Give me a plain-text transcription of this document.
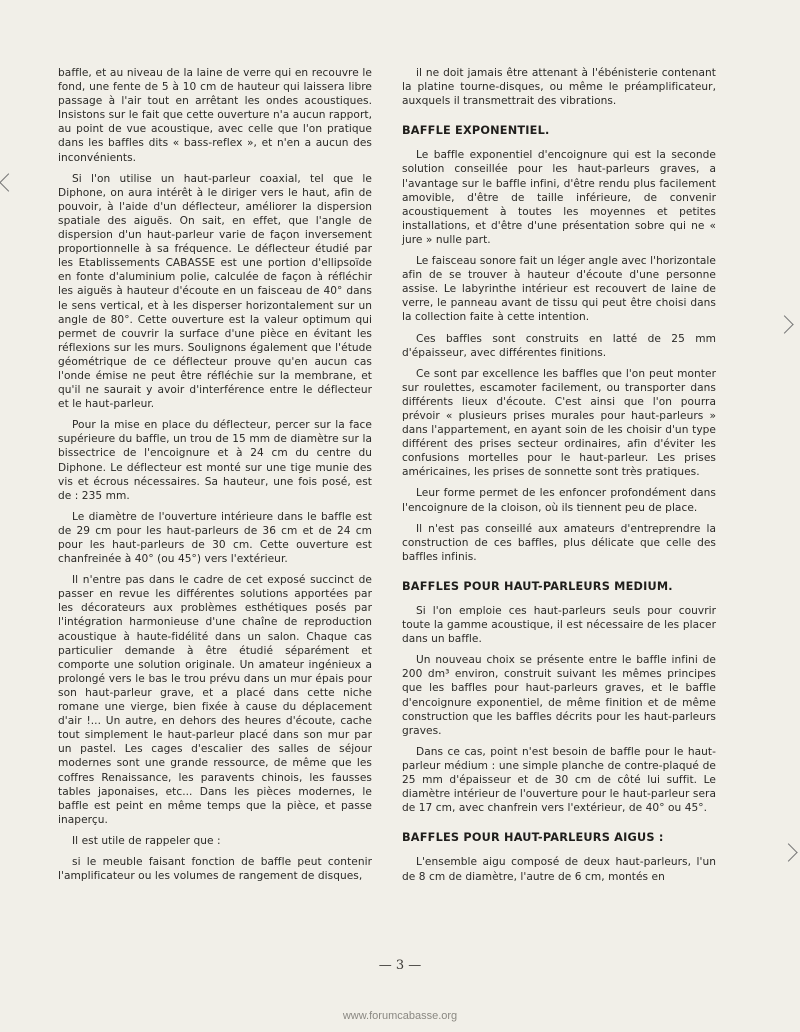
baffle, et au niveau de la laine de verre qui en recouvre le fond, une fente de 5 à 10 cm de hauteur qui laissera libre passage à l'air tout en arrêtant les ondes acoustiques. Insistons sur le fait que cette ouverture n'a aucun rapport, au point de vue acoustique, avec celle que l'on pratique dans les baffles dits « bass-reflex », et n'en a aucun des inconvénients.

Si l'on utilise un haut-parleur coaxial, tel que le Diphone, on aura intérêt à le diriger vers le haut, afin de pouvoir, à l'aide d'un déflecteur, améliorer la dispersion spatiale des aiguës. On sait, en effet, que l'angle de dispersion d'un haut-parleur varie de façon inversement proportionnelle à sa fréquence. Le déflecteur étudié par les Etablissements CABASSE est une portion d'ellipsoïde en fonte d'aluminium polie, calculée de façon à réfléchir les aiguës à hauteur d'écoute en un faisceau de 40° dans le sens vertical, et à les disperser horizontalement sur un angle de 80°. Cette ouverture est la valeur optimum qui permet de couvrir la surface d'une pièce en évitant les réflexions sur les murs. Soulignons également que l'étude géométrique de ce déflecteur prouve qu'en aucun cas l'onde émise ne peut être réfléchie sur la membrane, et qu'il ne saurait y avoir d'interférence entre le déflecteur et le haut-parleur.

Pour la mise en place du déflecteur, percer sur la face supérieure du baffle, un trou de 15 mm de diamètre sur la bissectrice de l'encoignure et à 24 cm du centre du Diphone. Le déflecteur est monté sur une tige munie des vis et écrous nécessaires. Sa hauteur, une fois posé, est de : 235 mm.

Le diamètre de l'ouverture intérieure dans le baffle est de 29 cm pour les haut-parleurs de 36 cm et de 24 cm pour les haut-parleurs de 30 cm. Cette ouverture est chanfreinée à 40° (ou 45°) vers l'extérieur.

Il n'entre pas dans le cadre de cet exposé succinct de passer en revue les différentes solutions apportées par les décorateurs aux problèmes esthétiques posés par l'intégration harmonieuse d'une chaîne de reproduction acoustique à haute-fidélité dans un salon. Chaque cas particulier demande à être étudié séparément et comporte une solution originale. Un amateur ingénieux a prolongé vers le bas le trou prévu dans un mur épais pour son haut-parleur grave, et a placé dans cette niche romane une vierge, bien fixée à cause du déplacement d'air !... Un autre, en dehors des heures d'écoute, cache tout simplement le haut-parleur placé dans son mur par un pastel. Les cages d'escalier des salles de séjour modernes sont une grande ressource, de même que les coffres Renaissance, les paravents chinois, les fausses tables japonaises, etc... Dans les pièces modernes, le baffle est peint en même temps que la pièce, et passe inaperçu.

Il est utile de rappeler que :

si le meuble faisant fonction de baffle peut contenir l'amplificateur ou les volumes de rangement de disques,

il ne doit jamais être attenant à l'ébénisterie contenant la platine tourne-disques, ou même le préamplificateur, auxquels il transmettrait des vibrations.

BAFFLE EXPONENTIEL.

Le baffle exponentiel d'encoignure qui est la seconde solution conseillée pour les haut-parleurs graves, a l'avantage sur le baffle infini, d'être rendu plus facilement amovible, d'être de taille inférieure, de convenir acoustiquement à toutes les moyennes et petites installations, et d'être d'une présentation sobre qui ne « jure » nulle part.

Le faisceau sonore fait un léger angle avec l'horizontale afin de se trouver à hauteur d'écoute d'une personne assise. Le labyrinthe intérieur est recouvert de laine de verre, le panneau avant de tissu qui peut être choisi dans la collection faite à cette intention.

Ces baffles sont construits en latté de 25 mm d'épaisseur, avec différentes finitions.

Ce sont par excellence les baffles que l'on peut monter sur roulettes, escamoter facilement, ou transporter dans différents lieux d'écoute. C'est ainsi que l'on pourra prévoir « plusieurs prises murales pour haut-parleurs » dans l'appartement, en ayant soin de les choisir d'un type différent des prises secteur ordinaires, afin d'éviter les confusions mortelles pour le haut-parleur. Les prises américaines, les prises de sonnette sont très pratiques.

Leur forme permet de les enfoncer profondément dans l'encoignure de la cloison, où ils tiennent peu de place.

Il n'est pas conseillé aux amateurs d'entreprendre la construction de ces baffles, plus délicate que celle des baffles infinis.

BAFFLES POUR HAUT-PARLEURS MEDIUM.

Si l'on emploie ces haut-parleurs seuls pour couvrir toute la gamme acoustique, il est nécessaire de les placer dans un baffle.

Un nouveau choix se présente entre le baffle infini de 200 dm³ environ, construit suivant les mêmes principes que les baffles pour haut-parleurs graves, et le baffle d'encoignure exponentiel, de même finition et de même construction que les baffles décrits pour les haut-parleurs graves.

Dans ce cas, point n'est besoin de baffle pour le haut-parleur médium : une simple planche de contre-plaqué de 25 mm d'épaisseur et de 30 cm de côté lui suffit. Le diamètre intérieur de l'ouverture pour le haut-parleur sera de 17 cm, avec chanfrein vers l'extérieur, de 40° ou 45°.

BAFFLES POUR HAUT-PARLEURS AIGUS :

L'ensemble aigu composé de deux haut-parleurs, l'un de 8 cm de diamètre, l'autre de 6 cm, montés en

— 3 —
www.forumcabasse.org
